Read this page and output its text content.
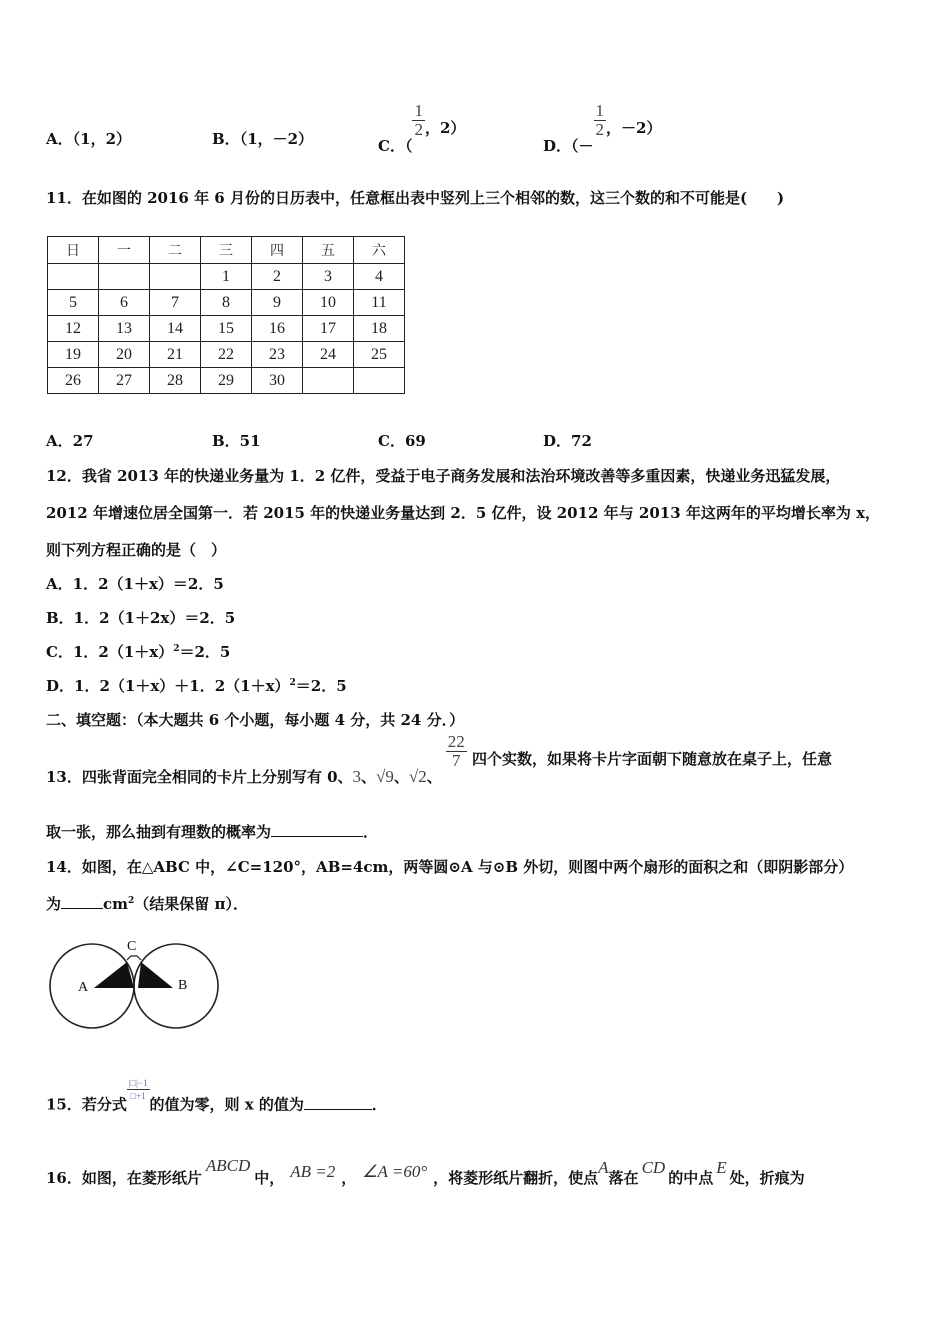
A．（1，2）	B．（1，－2）	C．（
$\frac{1}{2}$ ，2）
D．（－
$\frac{1}{2}$ ，－2）
11．在如图的 2016 年 6 月份的日历表中，任意框出表中竖列上三个相邻的数，这三个数的和不可能是(　　)
日	一	二	三	四	五	六
			1	2	3	4
5	6	7	8	9	10	11
12	13	14	15	16	17	18
19	20	21	22	23	24	25
26	27	28	29	30		
A．27	B．51	C．69	D．72
12．我省 2013 年的快递业务量为 1．2 亿件，受益于电子商务发展和法治环境改善等多重因素，快递业务迅猛发展，
2012 年增速位居全国第一．若 2015 年的快递业务量达到 2．5 亿件，设 2012 年与 2013 年这两年的平均增长率为 x，
则下列方程正确的是（　）
A．1．2（1＋x）＝2．5
B．1．2（1＋2x）＝2．5
C．1．$2(1+x)^2=2$．5
D．1．2（1＋x）＋1．$2(1+x)^2=2$．5
二、填空题：（本大题共 6 个小题，每小题 4 分，共 24 分．）
13．四张背面完全相同的卡片上分别写有 0、3、√9、√2、
$\frac{22}{7}$ 四个实数，如果将卡片字面朝下随意放在桌子上，任意
取一张，那么抽到有理数的概率为	．
14．如图，在△ABC 中，∠C=120°，AB=4cm，两等圆⊙A 与⊙B 外切，则图中两个扇形的面积之和（即阴影部分）
为	$cm^2$（结果保留 π）．
A	B
C
15．若分式
$\frac{|□|-1}{□+1}$
的值为零，则 x 的值为	．
16．如图，在菱形纸片ABCD中， AB =2 ， ∠A =60° ，将菱形纸片翻折，使点A落在CD的中点E处，折痕为
